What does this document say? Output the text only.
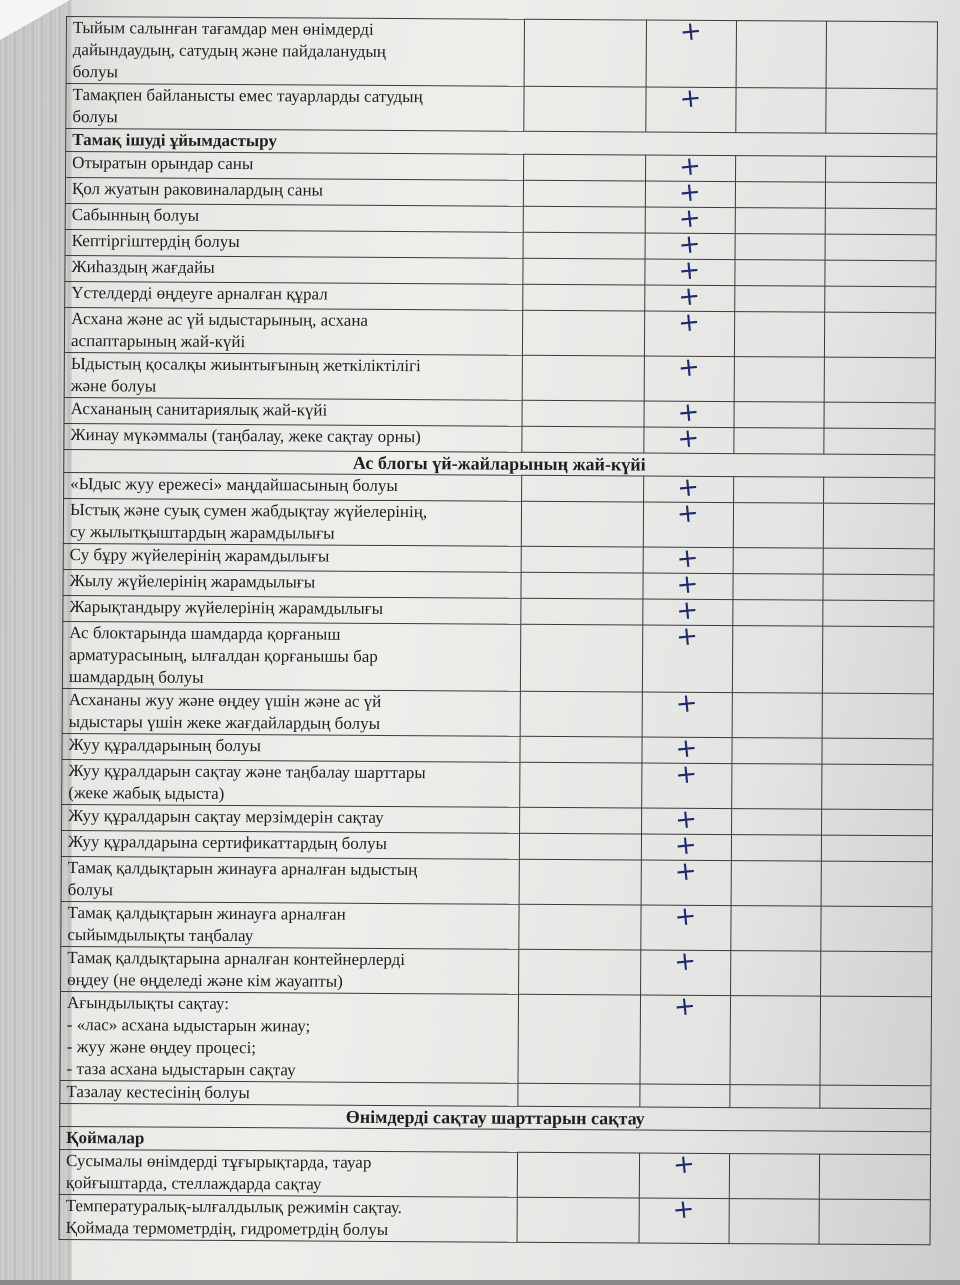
Тыйым салынған тағамдар мен өнімдерді
дайындаудың, сатудың және пайдаланудың
болуы		+		

Тамақпен байланысты емес тауарларды сатудың
болуы		+		
Тамақ ішуді ұйымдастыру				

Отыратын орындар саны		+		

Қол жуатын раковиналардың саны		+		

Сабынның болуы		+		

Кептіргіштердің болуы		+		

Жиһаздың жағдайы		+		

Үстелдерді өңдеуге арналған құрал		+		

Асхана және ас үй ыдыстарының, асхана
аспаптарының жай-күйі		+		

Ыдыстың қосалқы жиынтығының жеткіліктілігі
және болуы		+		

Асхананың санитариялық жай-күйі		+		

Жинау мүкәммалы (таңбалау, жеке сақтау орны)		+		
Ас блогы үй-жайларының жай-күйі				

«Ыдыс жуу ережесі» маңдайшасының болуы		+		

Ыстық және суық сумен жабдықтау жүйелерінің,
су жылытқыштардың жарамдылығы		+		

Су бұру жүйелерінің жарамдылығы		+		

Жылу жүйелерінің жарамдылығы		+		

Жарықтандыру жүйелерінің жарамдылығы		+		

Ас блоктарында шамдарда қорғаныш
арматурасының, ылғалдан қорғанышы бар
шамдардың болуы		+		

Асхананы жуу және өңдеу үшін және ас үй
ыдыстары үшін жеке жағдайлардың болуы		+		

Жуу құралдарының болуы		+		

Жуу құралдарын сақтау және таңбалау шарттары
(жеке жабық ыдыста)		+		

Жуу құралдарын сақтау мерзімдерін сақтау		+		

Жуу құралдарына сертификаттардың болуы		+		

Тамақ қалдықтарын жинауға арналған ыдыстың
болуы		+		

Тамақ қалдықтарын жинауға арналған
сыйымдылықты таңбалау		+		

Тамақ қалдықтарына арналған контейнерлерді
өңдеу (не өңделеді және кім жауапты)		+		

Ағындылықты сақтау:
- «лас» асхана ыдыстарын жинау;
- жуу және өңдеу процесі;
- таза асхана ыдыстарын сақтау		+		

Тазалау кестесінің болуы				

Өнімдерді сақтау шарттарын сақтау				
Қоймалар				

Сусымалы өнімдерді тұғырықтарда, тауар
қойғыштарда, стеллаждарда сақтау		+		

Температуралық-ылғалдылық режимін сақтау.
Қоймада термометрдің, гидрометрдің болуы		+		
